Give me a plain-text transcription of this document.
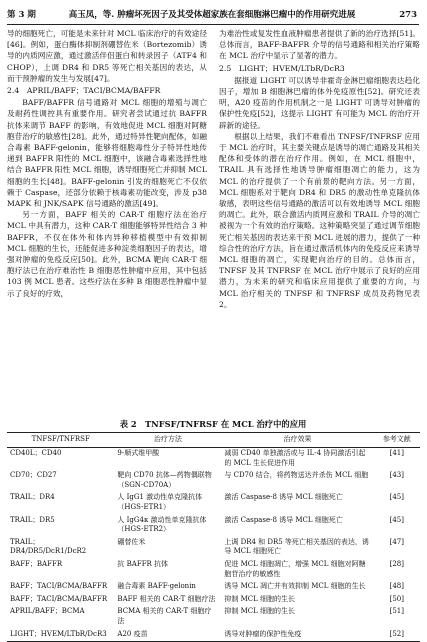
第 3 期	高玉凤，等. 肿瘤坏死因子及其受体超家族在套细胞淋巴瘤中的作用研究进展	273

导的细胞死亡，可能是未来针对 MCL 临床治疗的有效途径[46]。例如，蛋白酶体抑制剂硼替佐米（Bortezomib）诱导的内质网应激，通过激活伴侣蛋白和转录因子（ATF4 和 CHOP），上调 DR4 和 DR5 等死亡相关基因的表达，从而干预肿瘤的发生与发展[47]。

2.4　APRIL/BAFF；TACI/BCMA/BAFFR

BAFF/BAFFR 信号通路对 MCL 细胞的增殖与凋亡及耐药性调控具有重要作用。研究者尝试通过抗 BAFFR 抗体来调节 BAFF 的影响，有效地促进 MCL 细胞对阿糖胞苷治疗的敏感性[28]。此外，通过特异性靶向配体，如融合毒素 BAFF-gelonin，能够将细胞毒性分子特异性地传递到 BAFFR 阳性的 MCL 细胞中，该融合毒素选择性地结合 BAFFR 阳性 MCL 细胞，诱导细胞死亡并抑制 MCL 细胞的生长[48]。BAFF-gelonin 引发的细胞死亡不仅依赖于 Caspase，还部分依赖于核毒素功能改变，涉及 p38 MAPK 和 JNK/SAPK 信号通路的激活[49]。

另一方面，BAFF 相关的 CAR-T 细胞疗法在治疗 MCL 中具有潜力，这种 CAR-T 细胞能够特异性结合 3 种 BAFFR，不仅在体外和体内异种移植模型中有效抑制 MCL 细胞的生长，还能促进多种淀类细胞因子的表达，增强对肿瘤的免疫反应[50]。此外，BCMA 靶向 CAR-T 细胞疗法已在治疗难治性 B 细胞恶性肿瘤中应用，其中包括 103 例 MCL 患者。这些疗法在多种 B 细胞恶性肿瘤中显示了良好的疗效，

为难治性或复发性血液肿瘤患者提供了新的治疗选择[51]。总体而言，BAFF-BAFFR 介导的信号通路和相关治疗策略在 MCL 治疗中显示了显著的潜力。

2.5　LIGHT；HVEM/LTbR/DcR3

据报道 LIGHT 可以诱导非霍奇金淋巴瘤细胞表达趋化因子，增加 B 细胞淋巴瘤的体外免疫原性[52]。研究还表明，A20 疫苗的作用机制之一是 LIGHT 可诱导对肿瘤的保护性免疫[52]，这提示 LIGHT 有可能为 MCL 的治疗开辟新的途径。

根据以上结果，我们不难看出 TNFSF/TNFRSF 应用于 MCL 治疗时，其主要关键点是诱导的凋亡通路及其相关配体和受体的潜在治疗作用。例如，在 MCL 细胞中，TRAIL 具有选择性地诱导肿瘤细胞凋亡的能力，这为 MCL 的治疗提供了一个有前景的靶向方法。另一方面，MCL 细胞系对于靶向 DR4 和 DR5 的激动性单克隆抗体敏感，表明这些信号通路的激活可以有效地诱导 MCL 细胞的凋亡。此外，联合激活内质网应激和 TRAIL 介导的凋亡被视为一个有效的治疗策略。这种策略突显了通过调节细胞死亡相关基因的表达来干预 MCL 进展的潜力，提供了一种综合性的治疗方法，旨在通过激活机体内的免疫反应来诱导 MCL 细胞的凋亡，实现靶向治疗的目的。总体而言，TNFSF 及其 TNFRSF 在 MCL 治疗中展示了良好的应用潜力，为未来的研究和临床应用提供了重要的方向，与 MCL 治疗相关的 TNFSF 和 TNFRSF 成员及药物见表 2。

表 2　TNFSF/TNFRSF 在 MCL 治疗中的应用
TNFSF/TNFRSF	治疗方法	治疗效果	参考文献
CD40L；CD40	9-顺式维甲酸	减弱 CD40 单独激活或与 IL-4 协同激活引起的 MCL 生长促进作用	[41]
CD70；CD27	靶向 CD70 抗体—药物偶联物（SGN-CD70A）	与 CD70 结合，将药物送达并杀伤 MCL 细胞	[43]
TRAIL；DR4	人 IgG1 激动性单克隆抗体（HGS-ETR1）	激活 Caspase-8 诱导 MCL 细胞死亡	[45]
TRAIL；DR5	人 IgG4κ 激动性单克隆抗体（HGS-ETR2）	激活 Caspase-8 诱导 MCL 细胞死亡	[45]
TRAIL；DR4/DR5/DcR1/DcR2	硼替佐米	上调 DR4 和 DR5 等死亡相关基因的表达，诱导 MCL 细胞死亡	[47]
BAFF；BAFFR	抗 BAFFR 抗体	促进 MCL 细胞凋亡，增强 MCL 细胞对阿糖胞苷治疗的敏感性	[28]
BAFF；TACI/BCMA/BAFFR	融合毒素 BAFF-gelonin	诱导 MCL 凋亡并有效抑制 MCL 细胞的生长	[48]
BAFF；TACI/BCMA/BAFFR	BAFF 相关的 CAR-T 细胞疗法	抑制 MCL 细胞的生长	[50]
APRIL/BAFF；BCMA	BCMA 相关的 CAR-T 细胞疗法	抑制 MCL 细胞的生长	[51]
LIGHT；HVEM/LTbR/DcR3	A20 疫苗	诱导对肿瘤的保护性免疫	[52]
